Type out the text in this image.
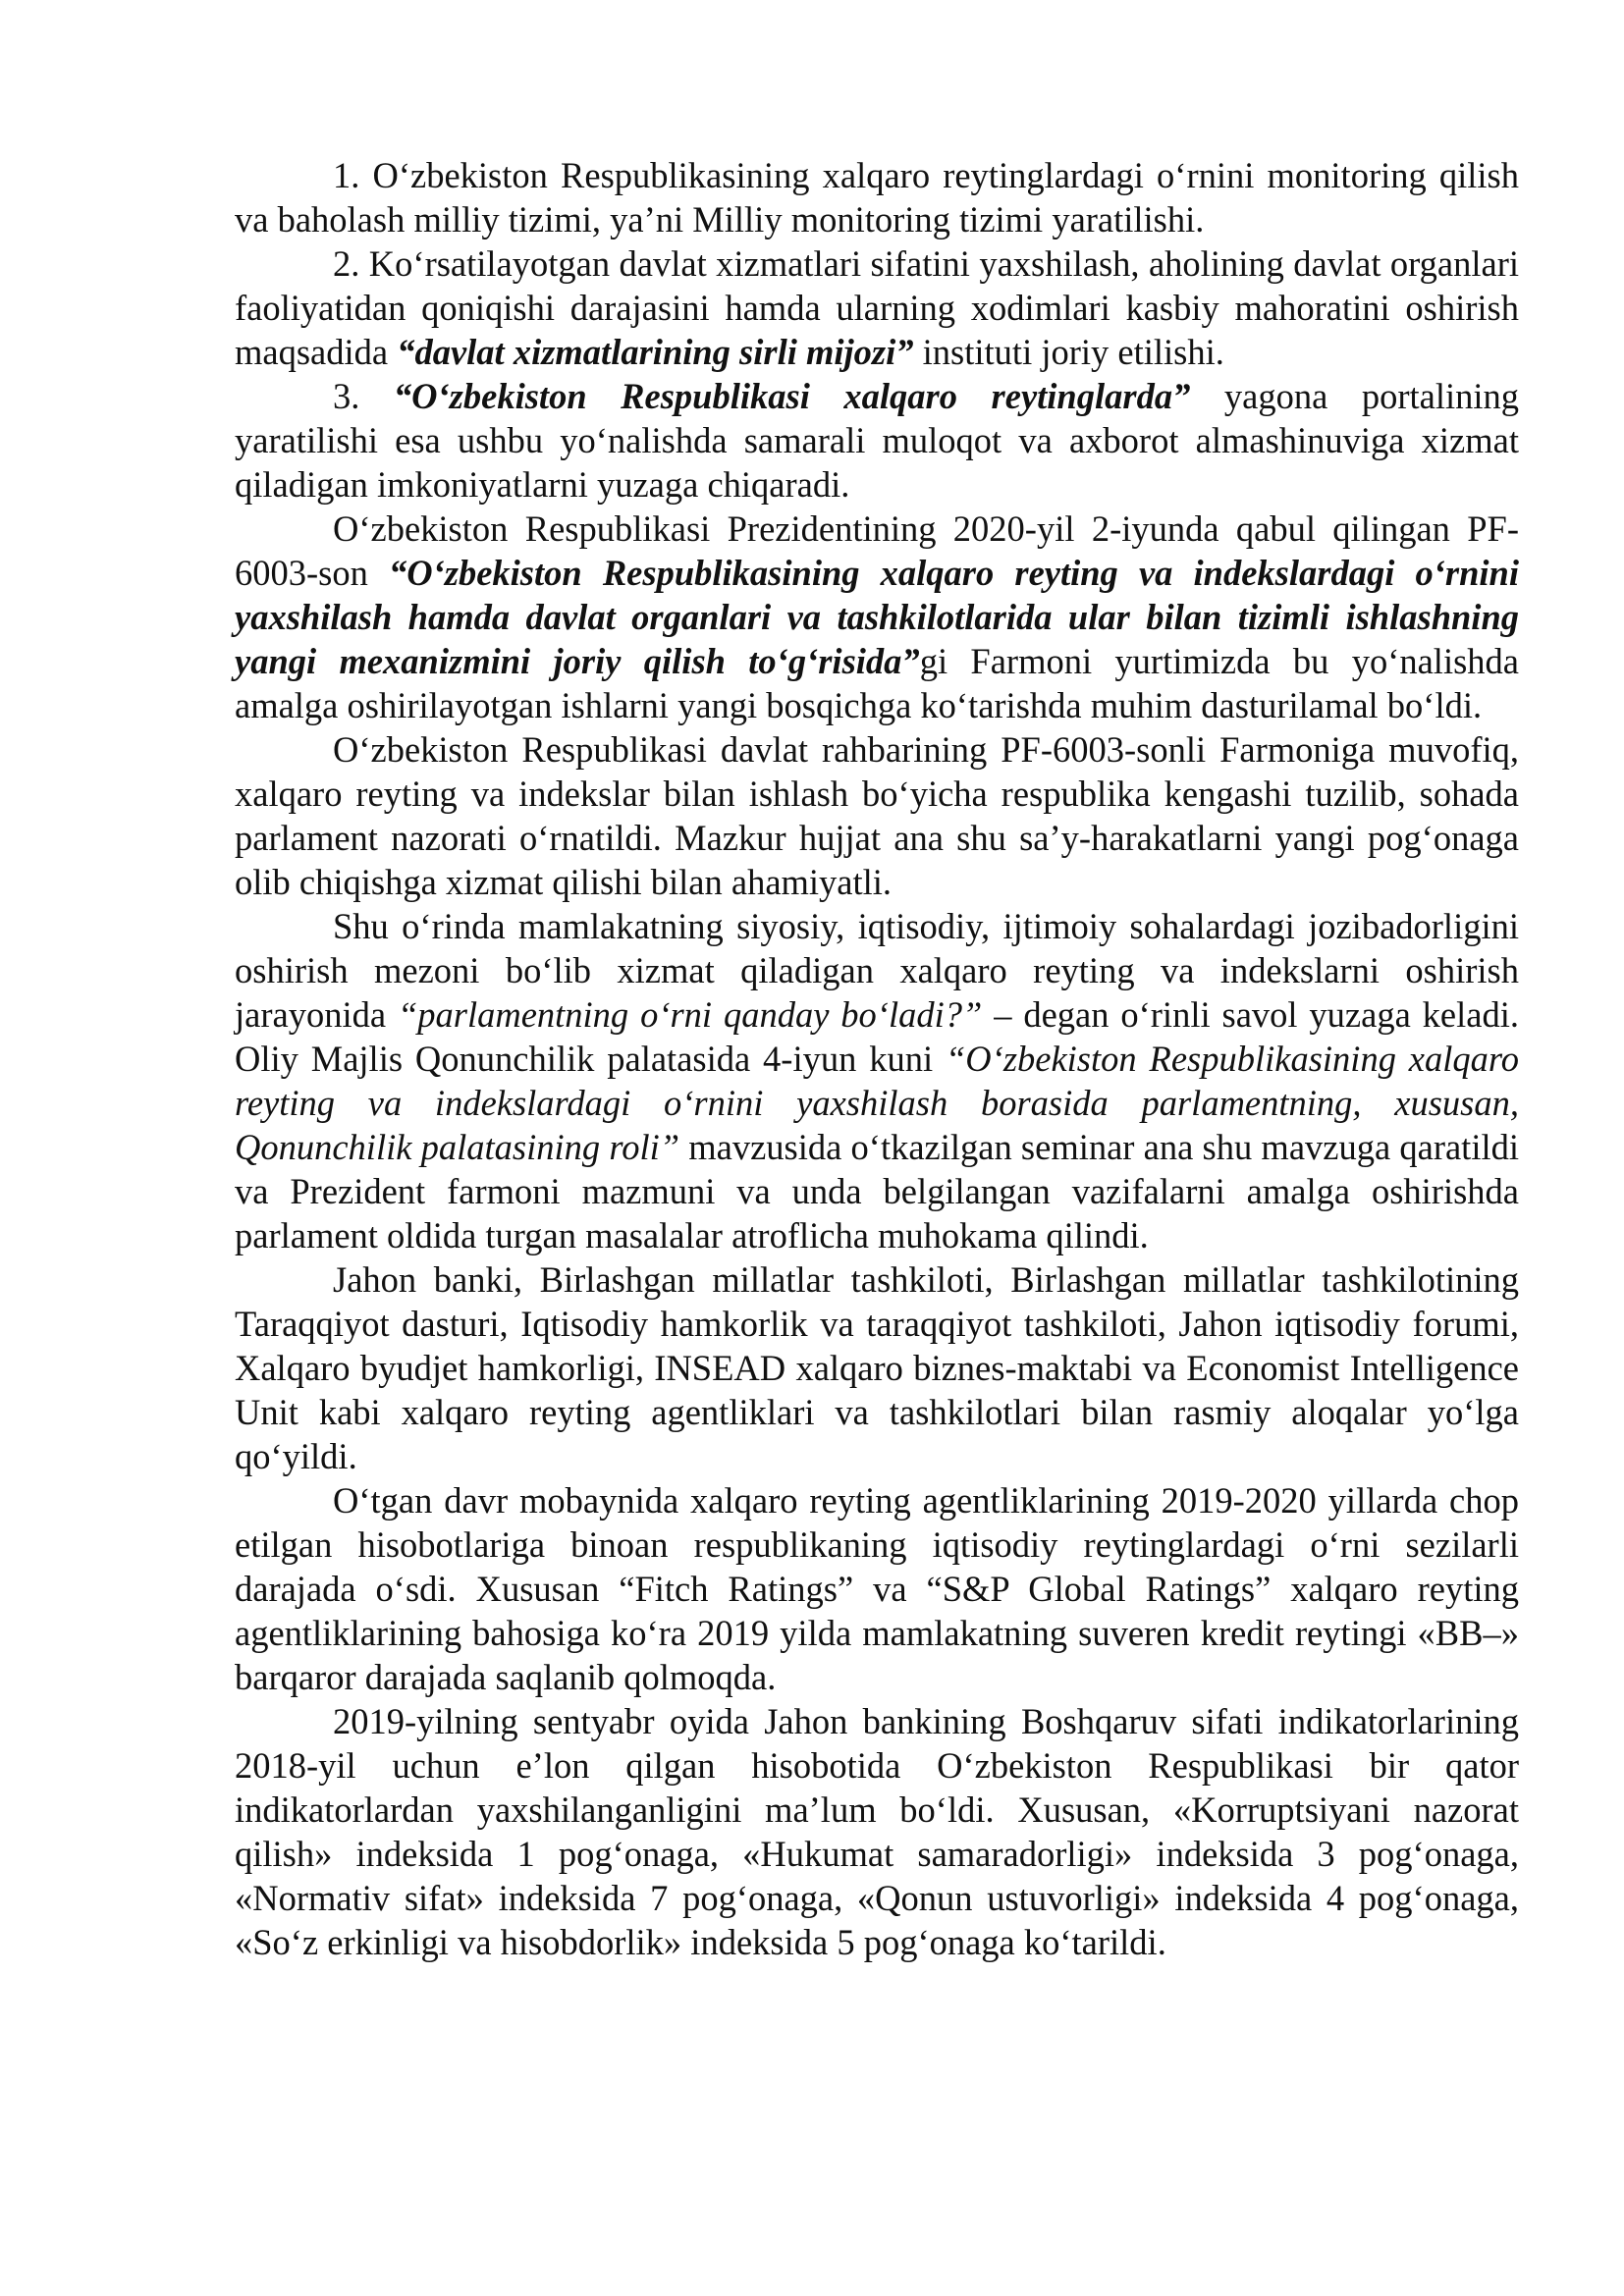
1. O‘zbekiston Respublikasining xalqaro reytinglardagi o‘rnini monitoring qilish va baholash milliy tizimi, ya’ni Milliy monitoring tizimi yaratilishi.

2. Ko‘rsatilayotgan davlat xizmatlari sifatini yaxshilash, aholining davlat organlari faoliyatidan qoniqishi darajasini hamda ularning xodimlari kasbiy mahoratini oshirish maqsadida “davlat xizmatlarining sirli mijozi” instituti joriy etilishi.

3. “O‘zbekiston Respublikasi xalqaro reytinglarda” yagona portalining yaratilishi esa ushbu yo‘nalishda samarali muloqot va axborot almashinuviga xizmat qiladigan imkoniyatlarni yuzaga chiqaradi.

O‘zbekiston Respublikasi Prezidentining 2020-yil 2-iyunda qabul qilingan PF-6003-son “O‘zbekiston Respublikasining xalqaro reyting va indekslardagi o‘rnini yaxshilash hamda davlat organlari va tashkilotlarida ular bilan tizimli ishlashning yangi mexanizmini joriy qilish to‘g‘risida”gi Farmoni yurtimizda bu yo‘nalishda amalga oshirilayotgan ishlarni yangi bosqichga ko‘tarishda muhim dasturilamal bo‘ldi.

O‘zbekiston Respublikasi davlat rahbarining PF-6003-sonli Farmoniga muvofiq, xalqaro reyting va indekslar bilan ishlash bo‘yicha respublika kengashi tuzilib, sohada parlament nazorati o‘rnatildi. Mazkur hujjat ana shu sa’y-harakatlarni yangi pog‘onaga olib chiqishga xizmat qilishi bilan ahamiyatli.

Shu o‘rinda mamlakatning siyosiy, iqtisodiy, ijtimoiy sohalardagi jozibadorligini oshirish mezoni bo‘lib xizmat qiladigan xalqaro reyting va indekslarni oshirish jarayonida “parlamentning o‘rni qanday bo‘ladi?” – degan o‘rinli savol yuzaga keladi. Oliy Majlis Qonunchilik palatasida 4-iyun kuni “O‘zbekiston Respublikasining xalqaro reyting va indekslardagi o‘rnini yaxshilash borasida parlamentning, xususan, Qonunchilik palatasining roli” mavzusida o‘tkazilgan seminar ana shu mavzuga qaratildi va Prezident farmoni mazmuni va unda belgilangan vazifalarni amalga oshirishda parlament oldida turgan masalalar atroflicha muhokama qilindi.

Jahon banki, Birlashgan millatlar tashkiloti, Birlashgan millatlar tashkilotining Taraqqiyot dasturi, Iqtisodiy hamkorlik va taraqqiyot tashkiloti, Jahon iqtisodiy forumi, Xalqaro byudjet hamkorligi, INSEAD xalqaro biznes-maktabi va Economist Intelligence Unit kabi xalqaro reyting agentliklari va tashkilotlari bilan rasmiy aloqalar yo‘lga qo‘yildi.

O‘tgan davr mobaynida xalqaro reyting agentliklarining 2019-2020 yillarda chop etilgan hisobotlariga binoan respublikaning iqtisodiy reytinglardagi o‘rni sezilarli darajada o‘sdi. Xususan “Fitch Ratings” va “S&P Global Ratings” xalqaro reyting agentliklarining bahosiga ko‘ra 2019 yilda mamlakatning suveren kredit reytingi «BB–» barqaror darajada saqlanib qolmoqda.

2019-yilning sentyabr oyida Jahon bankining Boshqaruv sifati indikatorlarining 2018-yil uchun e’lon qilgan hisobotida O‘zbekiston Respublikasi bir qator indikatorlardan yaxshilanganligini ma’lum bo‘ldi. Xususan, «Korruptsiyani nazorat qilish» indeksida 1 pog‘onaga, «Hukumat samaradorligi» indeksida 3 pog‘onaga, «Normativ sifat» indeksida 7 pog‘onaga, «Qonun ustuvorligi» indeksida 4 pog‘onaga, «So‘z erkinligi va hisobdorlik» indeksida 5 pog‘onaga ko‘tarildi.
